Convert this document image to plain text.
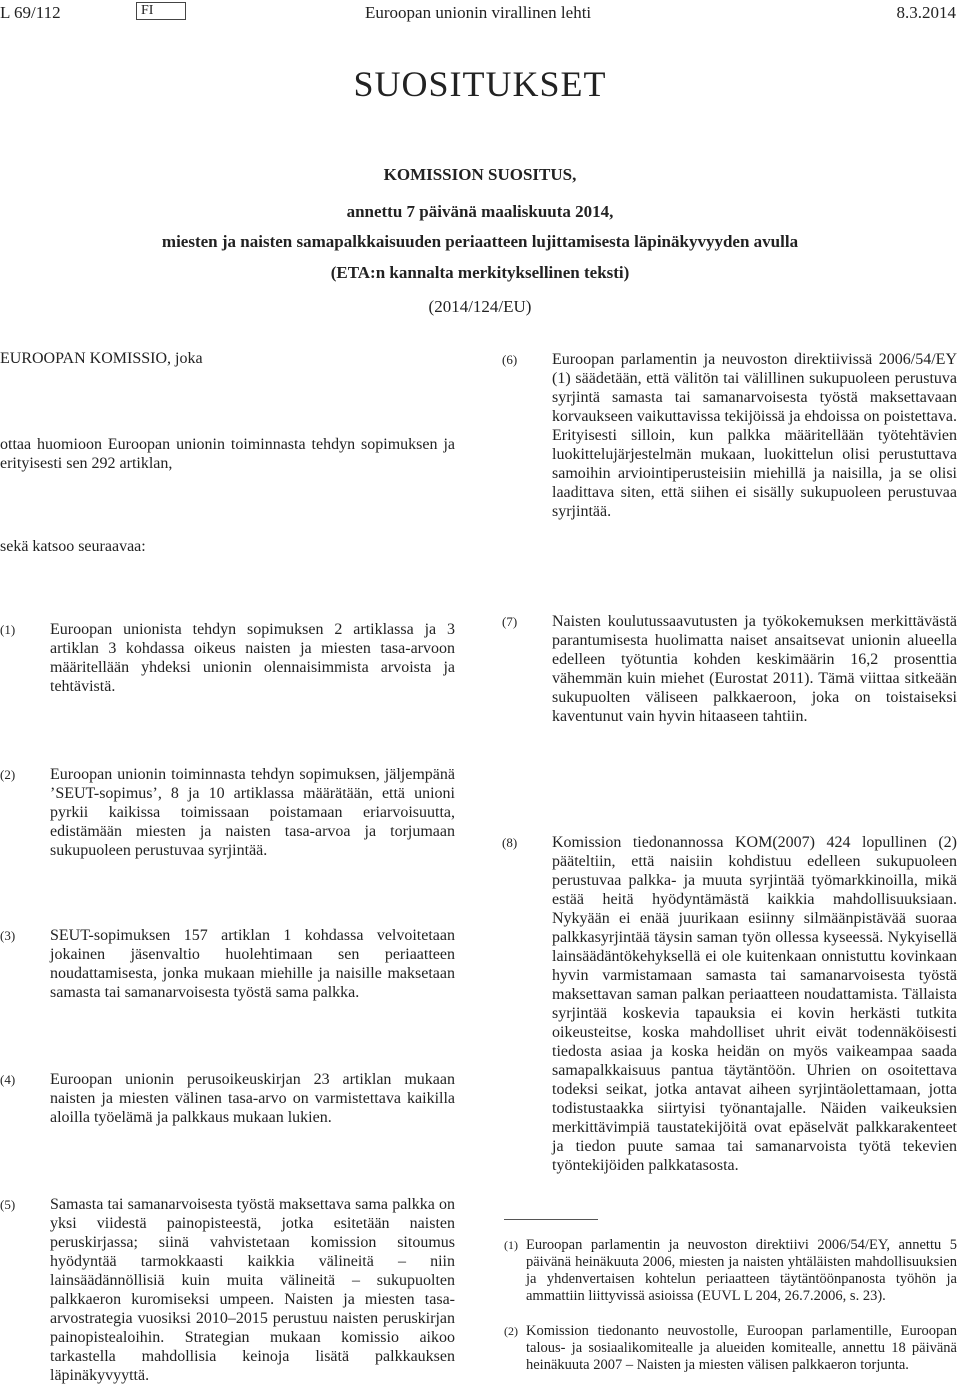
L 69/112	FI	Euroopan unionin virallinen lehti	8.3.2014
SUOSITUKSET
KOMISSION SUOSITUS,
annettu 7 päivänä maaliskuuta 2014,
miesten ja naisten samapalkkaisuuden periaatteen lujittamisesta läpinäkyvyyden avulla
(ETA:n kannalta merkityksellinen teksti)
(2014/124/EU)
EUROOPAN KOMISSIO, joka
ottaa huomioon Euroopan unionin toiminnasta tehdyn sopimuksen ja erityisesti sen 292 artiklan,
sekä katsoo seuraavaa:
(1) Euroopan unionista tehdyn sopimuksen 2 artiklassa ja 3 artiklan 3 kohdassa oikeus naisten ja miesten tasa-arvoon määritellään yhdeksi unionin olennaisimmista arvoista ja tehtävistä.
(2) Euroopan unionin toiminnasta tehdyn sopimuksen, jäljempänä ’SEUT-sopimus’, 8 ja 10 artiklassa määrätään, että unioni pyrkii kaikissa toimissaan poistamaan eriarvoisuutta, edistämään miesten ja naisten tasa-arvoa ja torjumaan sukupuoleen perustuvaa syrjintää.
(3) SEUT-sopimuksen 157 artiklan 1 kohdassa velvoitetaan jokainen jäsenvaltio huolehtimaan sen periaatteen noudattamisesta, jonka mukaan miehille ja naisille maksetaan samasta tai samanarvoisesta työstä sama palkka.
(4) Euroopan unionin perusoikeuskirjan 23 artiklan mukaan naisten ja miesten välinen tasa-arvo on varmistettava kaikilla aloilla työelämä ja palkkaus mukaan lukien.
(5) Samasta tai samanarvoisesta työstä maksettava sama palkka on yksi viidestä painopisteestä, jotka esitetään naisten peruskirjassa; siinä vahvistetaan komission sitoumus hyödyntää tarmokkaasti kaikkia välineitä – niin lainsäädännöllisiä kuin muita välineitä – sukupuolten palkkaeron kuromiseksi umpeen. Naisten ja miesten tasa-arvostrategia vuosiksi 2010–2015 perustuu naisten peruskirjan painopistealoihin. Strategian mukaan komissio aikoo tarkastella mahdollisia keinoja lisätä palkkauksen läpinäkyvyyttä.
(6) Euroopan parlamentin ja neuvoston direktiivissä 2006/54/EY (1) säädetään, että välitön tai välillinen sukupuoleen perustuva syrjintä samasta tai samanarvoisesta työstä maksettavaan korvaukseen vaikuttavissa tekijöissä ja ehdoissa on poistettava. Erityisesti silloin, kun palkka määritellään työtehtävien luokittelujärjestelmän mukaan, luokittelun olisi perustuttava samoihin arviointiperusteisiin miehillä ja naisilla, ja se olisi laadittava siten, että siihen ei sisälly sukupuoleen perustuvaa syrjintää.
(7) Naisten koulutussaavutusten ja työkokemuksen merkittävästä parantumisesta huolimatta naiset ansaitsevat unionin alueella edelleen työtuntia kohden keskimäärin 16,2 prosenttia vähemmän kuin miehet (Eurostat 2011). Tämä viittaa sitkeään sukupuolten väliseen palkkaeroon, joka on toistaiseksi kaventunut vain hyvin hitaaseen tahtiin.
(8) Komission tiedonannossa KOM(2007) 424 lopullinen (2) pääteltiin, että naisiin kohdistuu edelleen sukupuoleen perustuvaa palkka- ja muuta syrjintää työmarkkinoilla, mikä estää heitä hyödyntämästä kaikkia mahdollisuuksiaan. Nykyään ei enää juurikaan esiinny silmäänpistävää suoraa palkkasyrjintää täysin saman työn ollessa kyseessä. Nykyisellä lainsäädäntökehyksellä ei ole kuitenkaan onnistuttu kovinkaan hyvin varmistamaan samasta tai samanarvoisesta työstä maksettavan saman palkan periaatteen noudattamista. Tällaista syrjintää koskevia tapauksia ei kovin herkästi tutkita oikeusteitse, koska mahdolliset uhrit eivät todennäköisesti tiedosta asiaa ja koska heidän on myös vaikeampaa saada samapalkkaisuus pantua täytäntöön. Uhrien on osoitettava todeksi seikat, jotka antavat aiheen syrjintäolettamaan, jotta todistustaakka siirtyisi työnantajalle. Näiden vaikeuksien merkittävimpiä taustatekijöitä ovat epäselvät palkkarakenteet ja tiedon puute samaa tai samanarvoista työtä tekevien työntekijöiden palkkatasosta.
(1) Euroopan parlamentin ja neuvoston direktiivi 2006/54/EY, annettu 5 päivänä heinäkuuta 2006, miesten ja naisten yhtäläisten mahdollisuuksien ja yhdenvertaisen kohtelun periaatteen täytäntöönpanosta työhön ja ammattiin liittyvissä asioissa (EUVL L 204, 26.7.2006, s. 23).
(2) Komission tiedonanto neuvostolle, Euroopan parlamentille, Euroopan talous- ja sosiaalikomitealle ja alueiden komitealle, annettu 18 päivänä heinäkuuta 2007 – Naisten ja miesten välisen palkkaeron torjunta.
